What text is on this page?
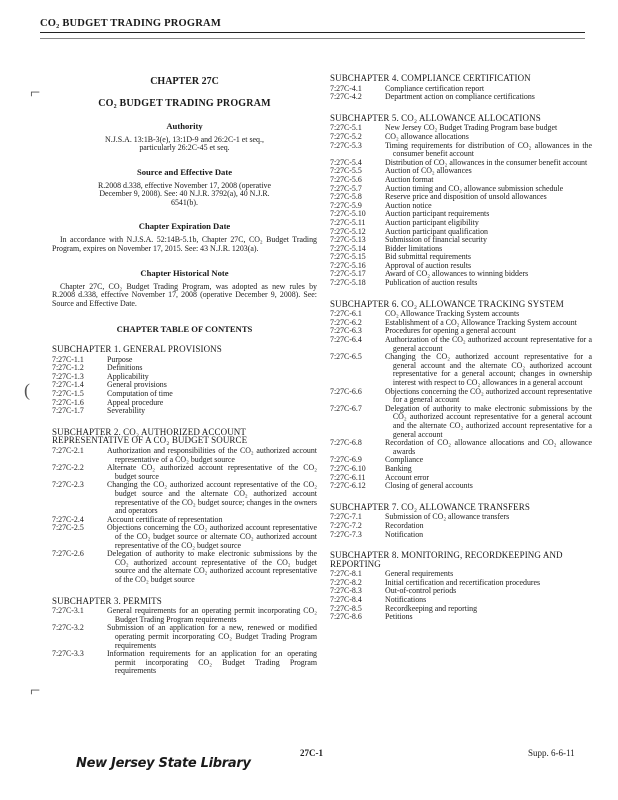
CO₂ BUDGET TRADING PROGRAM
⌐
(
⌐
CHAPTER 27C
CO₂ BUDGET TRADING PROGRAM
Authority
N.J.S.A. 13:1B-3(e), 13:1D-9 and 26:2C-1 et seq., particularly 26:2C-45 et seq.
Source and Effective Date
R.2008 d.338, effective November 17, 2008 (operative December 9, 2008). See: 40 N.J.R. 3792(a), 40 N.J.R. 6541(b).
Chapter Expiration Date
In accordance with N.J.S.A. 52:14B-5.1b, Chapter 27C, CO₂ Budget Trading Program, expires on November 17, 2015. See: 43 N.J.R. 1203(a).
Chapter Historical Note
Chapter 27C, CO₂ Budget Trading Program, was adopted as new rules by R.2008 d.338, effective November 17, 2008 (operative December 9, 2008). See: Source and Effective Date.
CHAPTER TABLE OF CONTENTS
SUBCHAPTER 1. GENERAL PROVISIONS
7:27C-1.1	Purpose
7:27C-1.2	Definitions
7:27C-1.3	Applicability
7:27C-1.4	General provisions
7:27C-1.5	Computation of time
7:27C-1.6	Appeal procedure
7:27C-1.7	Severability
SUBCHAPTER 2. CO₂ AUTHORIZED ACCOUNT REPRESENTATIVE OF A CO₂ BUDGET SOURCE
7:27C-2.1	Authorization and responsibilities of the CO₂ authorized account representative of a CO₂ budget source
7:27C-2.2	Alternate CO₂ authorized account representative of the CO₂ budget source
7:27C-2.3	Changing the CO₂ authorized account representative of the CO₂ budget source and the alternate CO₂ authorized account representative of the CO₂ budget source; changes in the owners and operators
7:27C-2.4	Account certificate of representation
7:27C-2.5	Objections concerning the CO₂ authorized account representative of the CO₂ budget source or alternate CO₂ authorized account representative of the CO₂ budget source
7:27C-2.6	Delegation of authority to make electronic submissions by the CO₂ authorized account representative of the CO₂ budget source and the alternate CO₂ authorized account representative of the CO₂ budget source
SUBCHAPTER 3. PERMITS
7:27C-3.1	General requirements for an operating permit incorporating CO₂ Budget Trading Program requirements
7:27C-3.2	Submission of an application for a new, renewed or modified operating permit incorporating CO₂ Budget Trading Program requirements
7:27C-3.3	Information requirements for an application for an operating permit incorporating CO₂ Budget Trading Program requirements
SUBCHAPTER 4. COMPLIANCE CERTIFICATION
7:27C-4.1	Compliance certification report
7:27C-4.2	Department action on compliance certifications
SUBCHAPTER 5. CO₂ ALLOWANCE ALLOCATIONS
7:27C-5.1	New Jersey CO₂ Budget Trading Program base budget
7:27C-5.2	CO₂ allowance allocations
7:27C-5.3	Timing requirements for distribution of CO₂ allowances in the consumer benefit account
7:27C-5.4	Distribution of CO₂ allowances in the consumer benefit account
7:27C-5.5	Auction of CO₂ allowances
7:27C-5.6	Auction format
7:27C-5.7	Auction timing and CO₂ allowance submission schedule
7:27C-5.8	Reserve price and disposition of unsold allowances
7:27C-5.9	Auction notice
7:27C-5.10	Auction participant requirements
7:27C-5.11	Auction participant eligibility
7:27C-5.12	Auction participant qualification
7:27C-5.13	Submission of financial security
7:27C-5.14	Bidder limitations
7:27C-5.15	Bid submittal requirements
7:27C-5.16	Approval of auction results
7:27C-5.17	Award of CO₂ allowances to winning bidders
7:27C-5.18	Publication of auction results
SUBCHAPTER 6. CO₂ ALLOWANCE TRACKING SYSTEM
7:27C-6.1	CO₂ Allowance Tracking System accounts
7:27C-6.2	Establishment of a CO₂ Allowance Tracking System account
7:27C-6.3	Procedures for opening a general account
7:27C-6.4	Authorization of the CO₂ authorized account representative for a general account
7:27C-6.5	Changing the CO₂ authorized account representative for a general account and the alternate CO₂ authorized account representative for a general account; changes in ownership interest with respect to CO₂ allowances in a general account
7:27C-6.6	Objections concerning the CO₂ authorized account representative for a general account
7:27C-6.7	Delegation of authority to make electronic submissions by the CO₂ authorized account representative for a general account and the alternate CO₂ authorized account representative for a general account
7:27C-6.8	Recordation of CO₂ allowance allocations and CO₂ allowance awards
7:27C-6.9	Compliance
7:27C-6.10	Banking
7:27C-6.11	Account error
7:27C-6.12	Closing of general accounts
SUBCHAPTER 7. CO₂ ALLOWANCE TRANSFERS
7:27C-7.1	Submission of CO₂ allowance transfers
7:27C-7.2	Recordation
7:27C-7.3	Notification
SUBCHAPTER 8. MONITORING, RECORDKEEPING AND REPORTING
7:27C-8.1	General requirements
7:27C-8.2	Initial certification and recertification procedures
7:27C-8.3	Out-of-control periods
7:27C-8.4	Notifications
7:27C-8.5	Recordkeeping and reporting
7:27C-8.6	Petitions
New Jersey State Library
27C-1	Supp. 6-6-11
